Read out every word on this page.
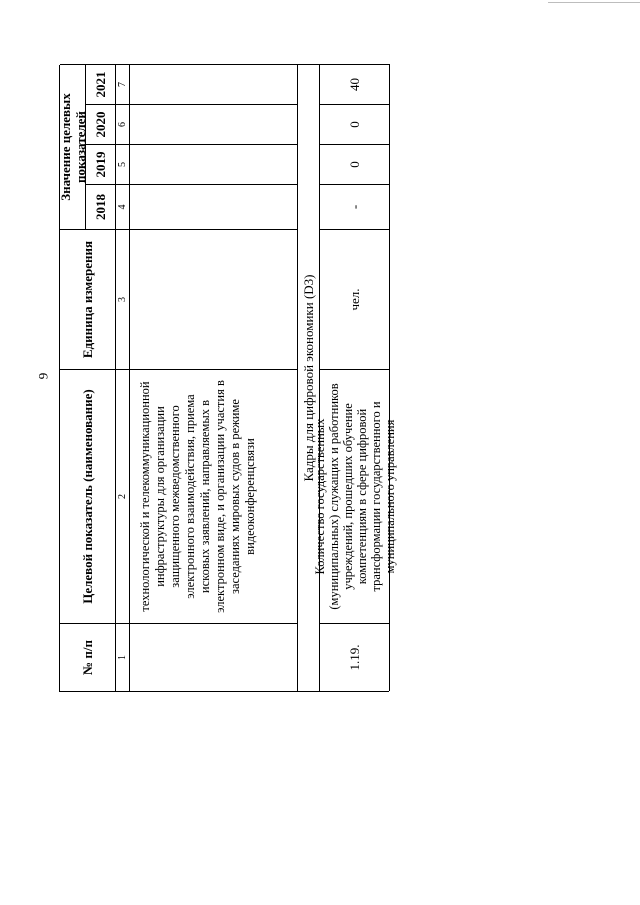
9
№ п/п
Целевой показатель (наименование)
Единица измерения
Значение целевых показателей
2018
2019
2020
2021
1
2
3
4
5
6
7
технологической и телекоммуникационной инфраструктуры для организации защищенного межведомственного электронного взаимодействия, приема исковых заявлений, направляемых в электронном виде, и организации участия в заседаниях мировых судов в режиме видеоконференцсвязи
Кадры для цифровой экономики (D3)
1.19.
Количество государственных (муниципальных) служащих и работников учреждений, прошедших обучение компетенциям в сфере цифровой трансформации государственного и муниципального управления
чел.
-
0
0
40
